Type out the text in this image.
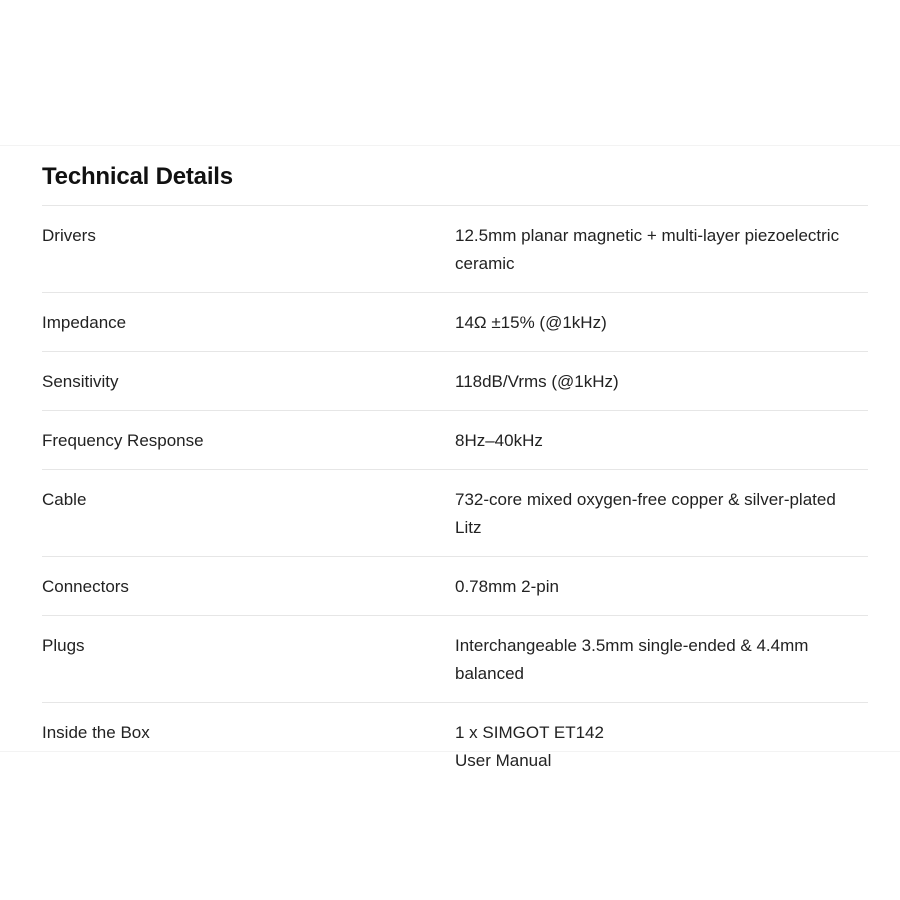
Technical Details
Drivers	12.5mm planar magnetic + multi-layer piezoelectric
ceramic
Impedance	14Ω ±15% (@1kHz)
Sensitivity	118dB/Vrms (@1kHz)
Frequency Response	8Hz–40kHz
Cable	732-core mixed oxygen-free copper & silver-plated
Litz
Connectors	0.78mm 2-pin
Plugs	Interchangeable 3.5mm single-ended & 4.4mm
balanced
Inside the Box	1 x SIMGOT ET142
User Manual
